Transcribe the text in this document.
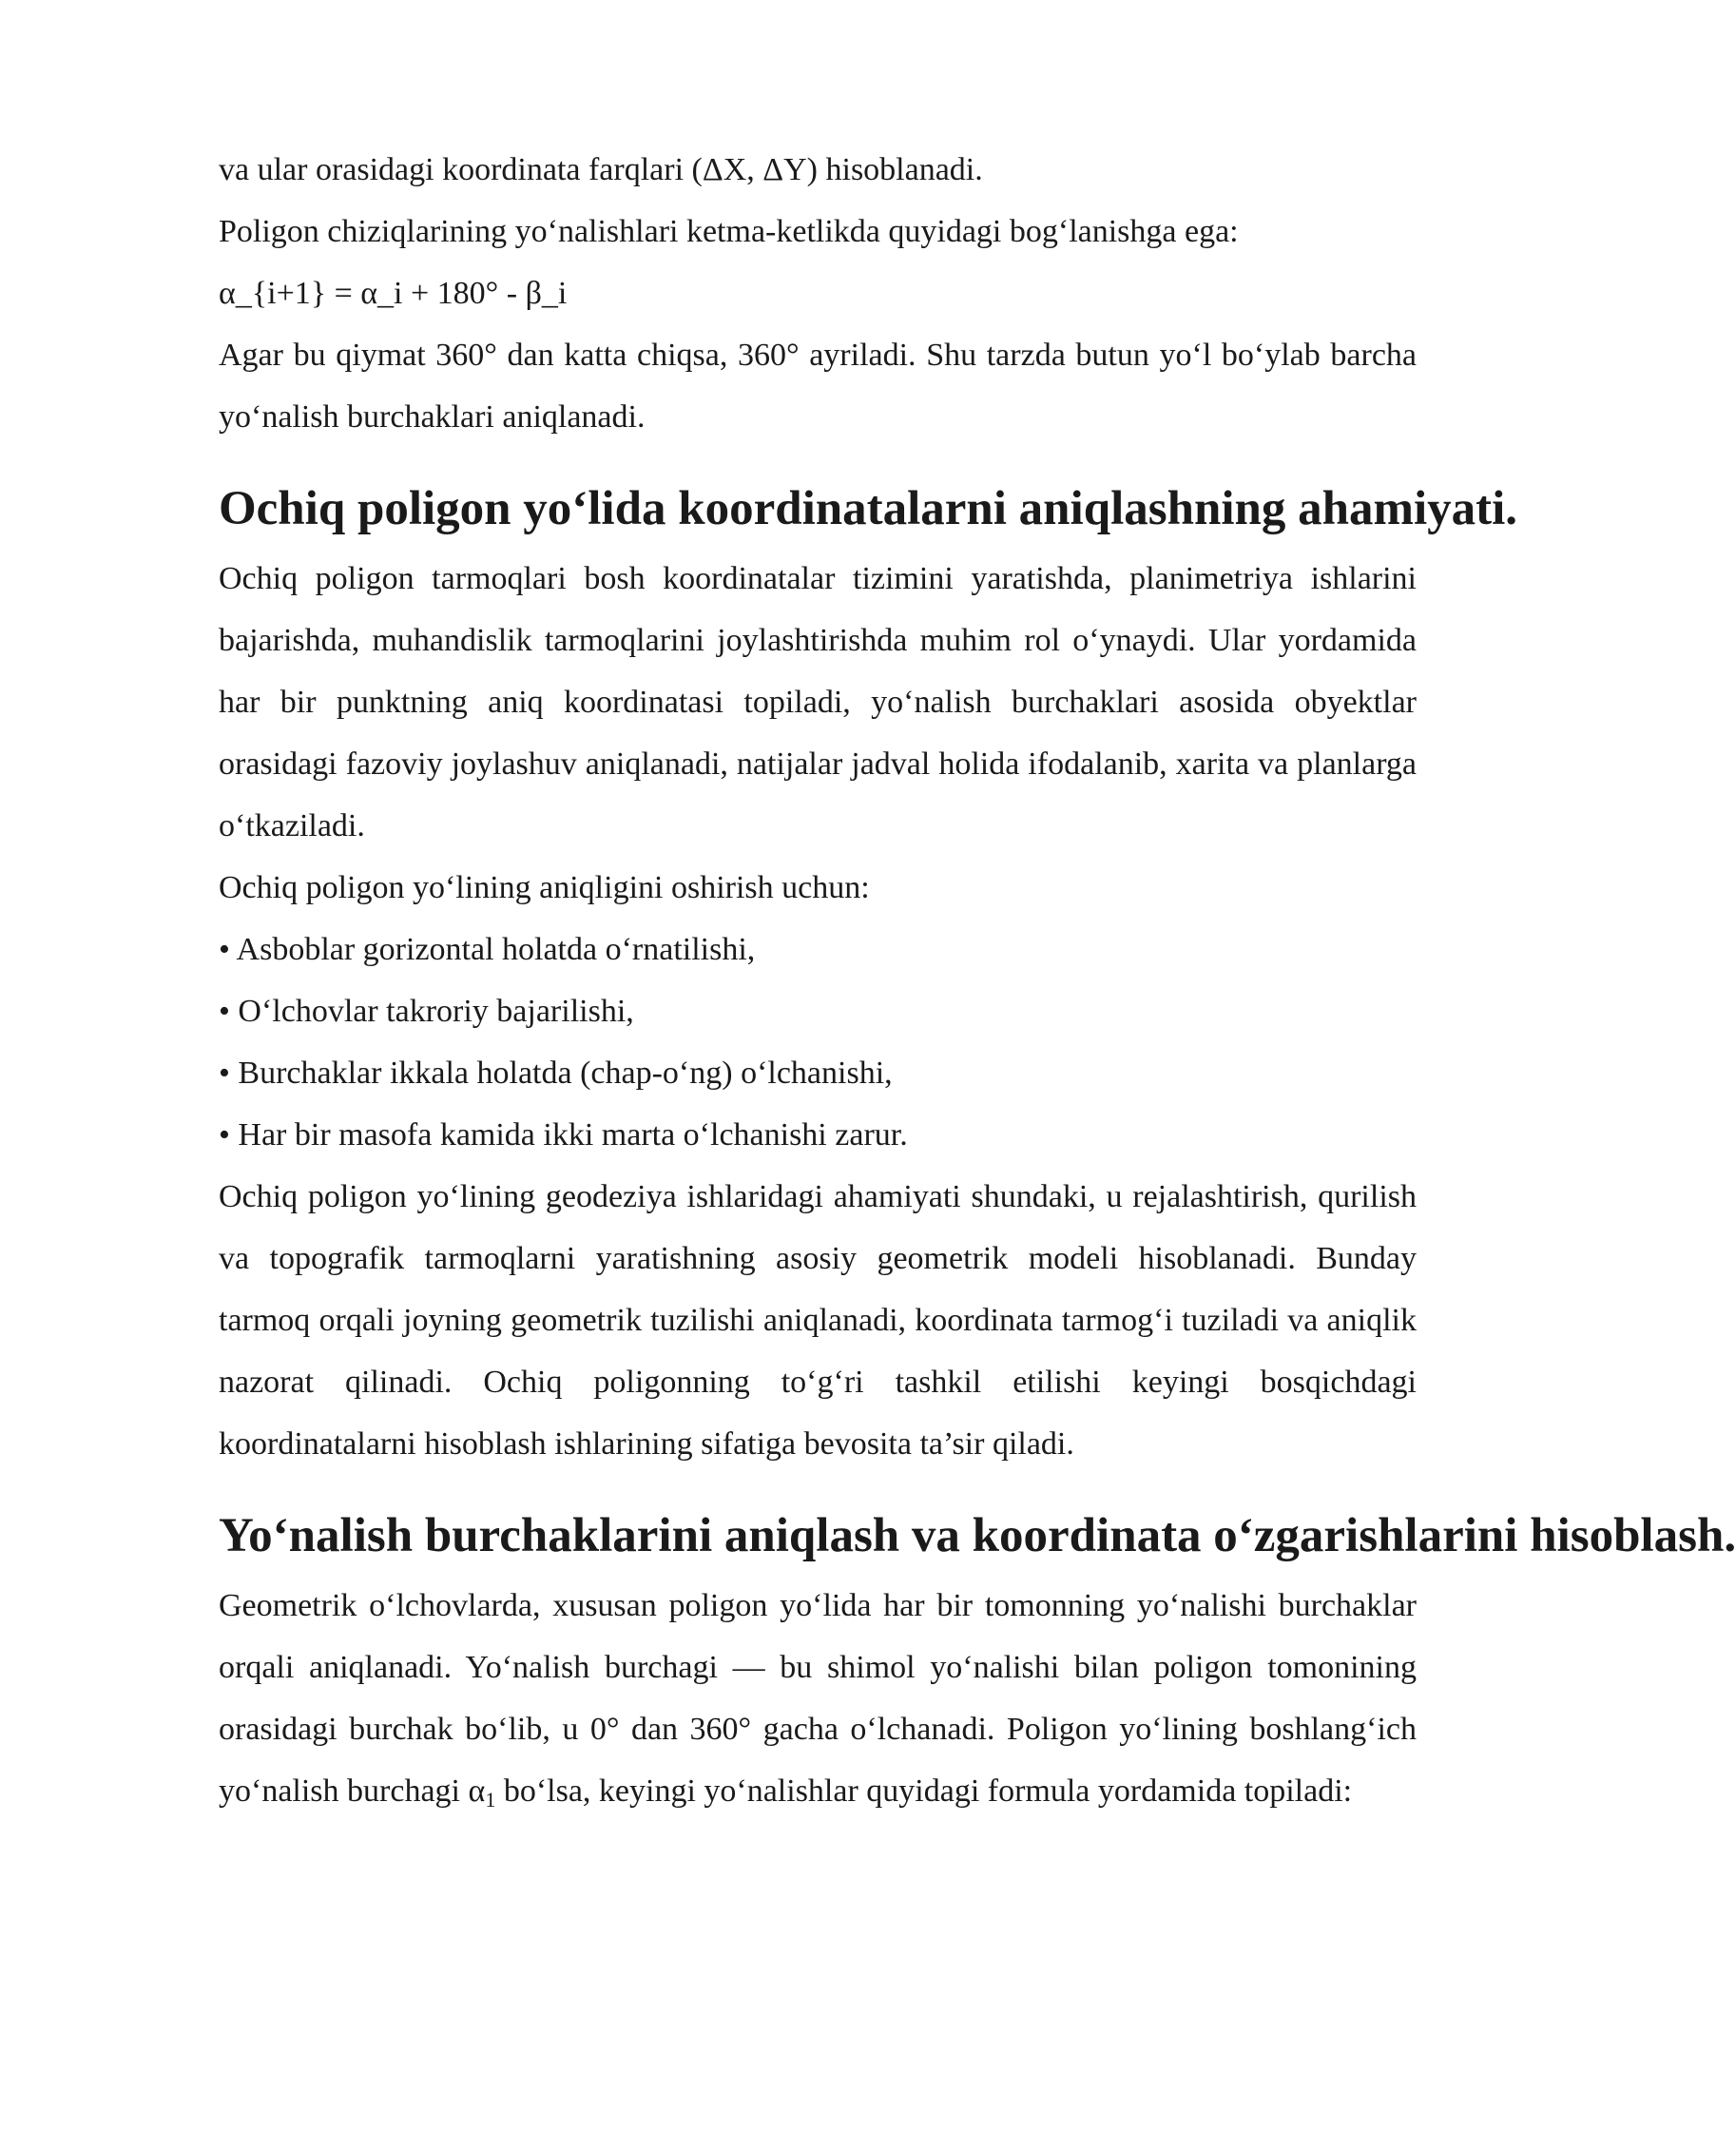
va ular orasidagi koordinata farqlari (ΔX, ΔY) hisoblanadi.

Poligon chiziqlarining yo‘nalishlari ketma-ketlikda quyidagi bog‘lanishga ega:

α_{i+1} = α_i + 180° - β_i

Agar bu qiymat 360° dan katta chiqsa, 360° ayriladi. Shu tarzda butun yo‘l bo‘ylab barcha yo‘nalish burchaklari aniqlanadi.

Ochiq poligon yo‘lida koordinatalarni aniqlashning ahamiyati.

Ochiq poligon tarmoqlari bosh koordinatalar tizimini yaratishda, planimetriya ishlarini bajarishda, muhandislik tarmoqlarini joylashtirishda muhim rol o‘ynaydi. Ular yordamida har bir punktning aniq koordinatasi topiladi, yo‘nalish burchaklari asosida obyektlar orasidagi fazoviy joylashuv aniqlanadi, natijalar jadval holida ifodalanib, xarita va planlarga o‘tkaziladi.

Ochiq poligon yo‘lining aniqligini oshirish uchun:

• Asboblar gorizontal holatda o‘rnatilishi,

• O‘lchovlar takroriy bajarilishi,

• Burchaklar ikkala holatda (chap-o‘ng) o‘lchanishi,

• Har bir masofa kamida ikki marta o‘lchanishi zarur.

Ochiq poligon yo‘lining geodeziya ishlaridagi ahamiyati shundaki, u rejalashtirish, qurilish va topografik tarmoqlarni yaratishning asosiy geometrik modeli hisoblanadi. Bunday tarmoq orqali joyning geometrik tuzilishi aniqlanadi, koordinata tarmog‘i tuziladi va aniqlik nazorat qilinadi. Ochiq poligonning to‘g‘ri tashkil etilishi keyingi bosqichdagi koordinatalarni hisoblash ishlarining sifatiga bevosita ta’sir qiladi.

Yo‘nalish burchaklarini aniqlash va koordinata o‘zgarishlarini hisoblash.

Geometrik o‘lchovlarda, xususan poligon yo‘lida har bir tomonning yo‘nalishi burchaklar orqali aniqlanadi. Yo‘nalish burchagi — bu shimol yo‘nalishi bilan poligon tomonining orasidagi burchak bo‘lib, u 0° dan 360° gacha o‘lchanadi. Poligon yo‘lining boshlang‘ich yo‘nalish burchagi $\alpha_1$ bo‘lsa, keyingi yo‘nalishlar quyidagi formula yordamida topiladi:
